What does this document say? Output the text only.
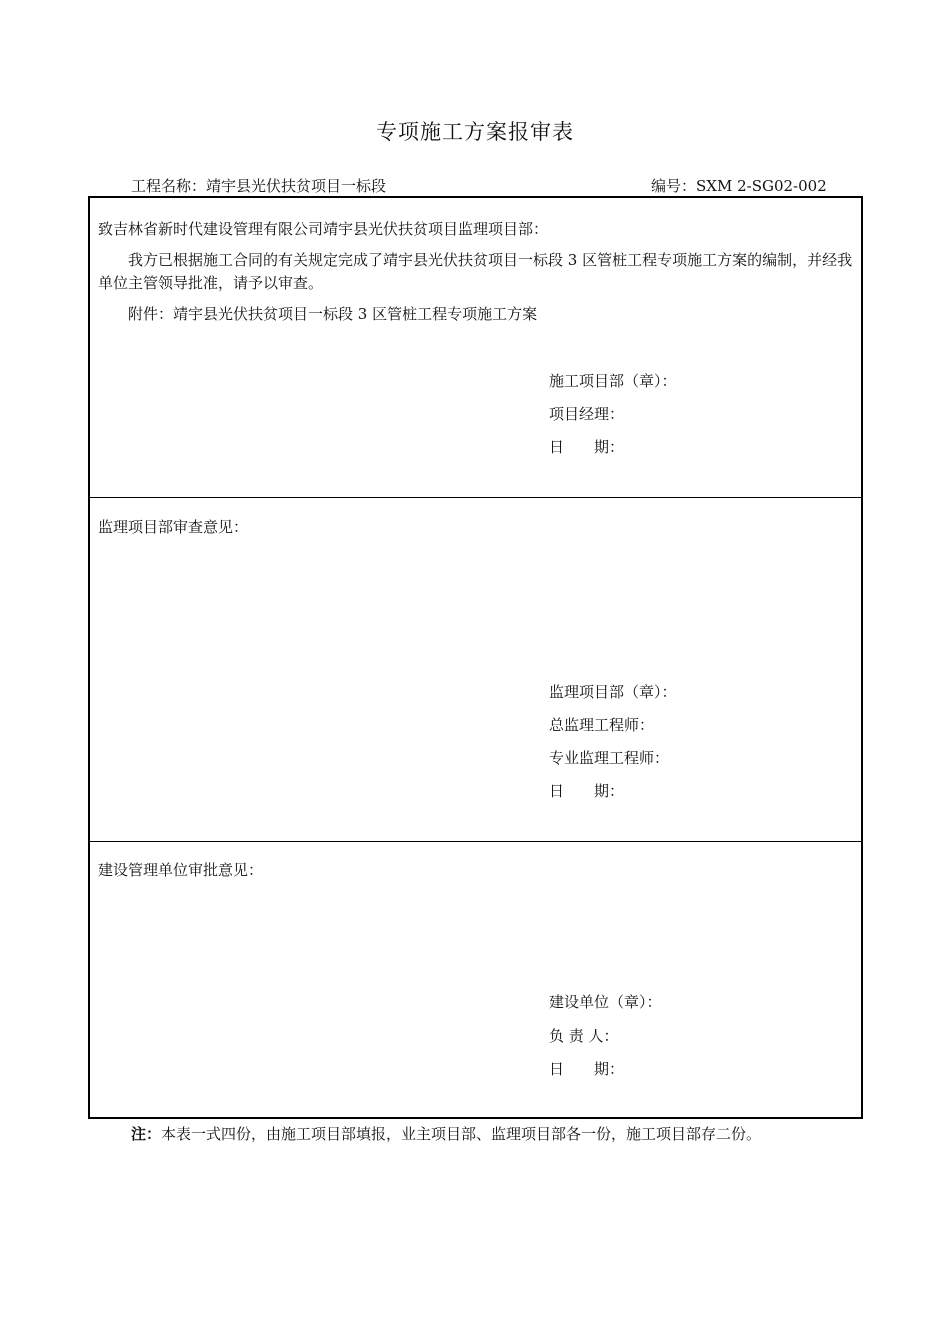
专项施工方案报审表
工程名称：靖宇县光伏扶贫项目一标段	编号：SXM 2-SG02-002
致吉林省新时代建设管理有限公司靖宇县光伏扶贫项目监理项目部：
我方已根据施工合同的有关规定完成了靖宇县光伏扶贫项目一标段 3 区管桩工程专项施工方案的编制，并经我单位主管领导批准，请予以审查。
附件：靖宇县光伏扶贫项目一标段 3 区管桩工程专项施工方案
施工项目部（章）：
项目经理：
日　　期：
监理项目部审查意见：
监理项目部（章）：
总监理工程师：
专业监理工程师：
日　　期：
建设管理单位审批意见：
建设单位（章）：
负 责 人：
日　　期：
注：本表一式四份，由施工项目部填报，业主项目部、监理项目部各一份，施工项目部存二份。
